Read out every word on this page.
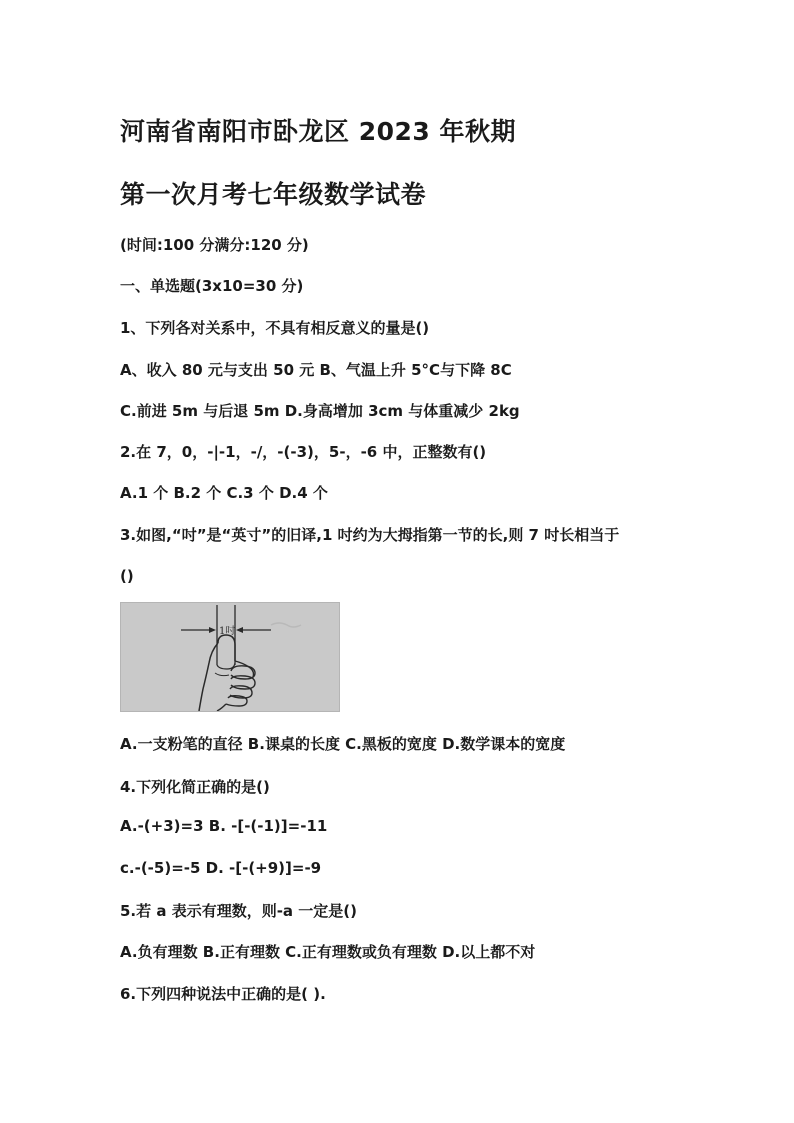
河南省南阳市卧龙区 2023 年秋期
第一次月考七年级数学试卷

(时间:100 分满分:120 分)

一、单选题(3x10=30 分)

1、下列各对关系中，不具有相反意义的量是()

A、收入 80 元与支出 50 元 B、气温上升 5°C与下降 8C

C.前进 5m 与后退 5m D.身高增加 3cm 与体重减少 2kg

2.在 7，0，-|-1，-/，-(-3)，5-，-6 中，正整数有()

A.1 个 B.2 个 C.3 个 D.4 个

3.如图,“吋”是“英寸”的旧译,1 吋约为大拇指第一节的长,则 7 吋长相当于

()

1吋

A.一支粉笔的直径 B.课桌的长度 C.黑板的宽度 D.数学课本的宽度

4.下列化简正确的是()

A.-(+3)=3 B. -[-(-1)]=-11

c.-(-5)=-5 D. -[-(+9)]=-9

5.若 a 表示有理数，则-a 一定是()

A.负有理数 B.正有理数 C.正有理数或负有理数 D.以上都不对

6.下列四种说法中正确的是( ).
